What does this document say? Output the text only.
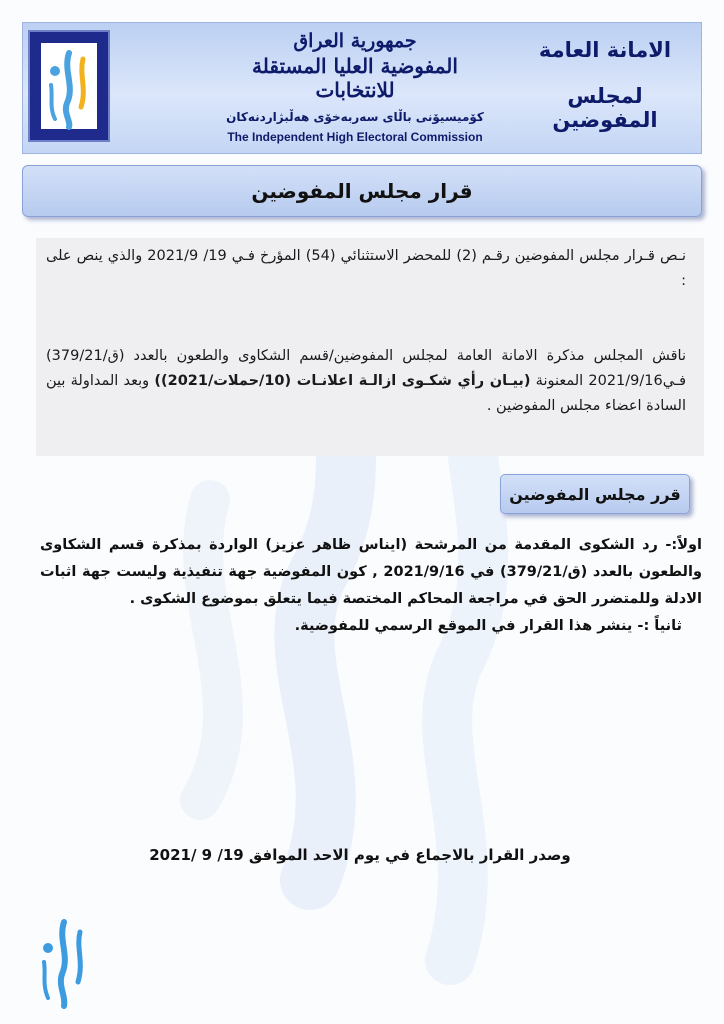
جمهورية العراق
المفوضية العليا المستقلة للانتخابات
کۆمیسیۆنی باڵای سەربەخۆی هەڵبژاردنەکان
The Independent High Electoral Commission
الامانة العامة
لمجلس المفوضين
قرار مجلس المفوضين
نـص قـرار مجلس المفوضين رقـم (2) للمحضر الاستثنائي (54) المؤرخ فـي 19/ 2021/9 والذي ينص على :
ناقش المجلس مذكرة الامانة العامة لمجلس المفوضين/قسم الشكاوى والطعون بالعدد (ق/379/21) فـي2021/9/16 المعنونة (بيـان رأي شكـوى ازالـة اعلانـات (10/حملات/2021)) وبعد المداولة بين السادة اعضاء مجلس المفوضين .
قرر مجلس المفوضين
اولاً:- رد الشكوى المقدمة من المرشحة (ايناس ظاهر عزيز) الواردة بمذكرة قسم الشكاوى والطعون بالعدد (ق/379/21) في 2021/9/16 , كون المفوضية جهة تنفيذية وليست جهة اثبات الادلة وللمتضرر الحق في مراجعة المحاكم المختصة فيما يتعلق بموضوع الشكوى .
ثانياً :- ينشر هذا القرار في الموقع الرسمي للمفوضية.
وصدر القرار بالاجماع في يوم الاحد الموافق 19/ 9 /2021
